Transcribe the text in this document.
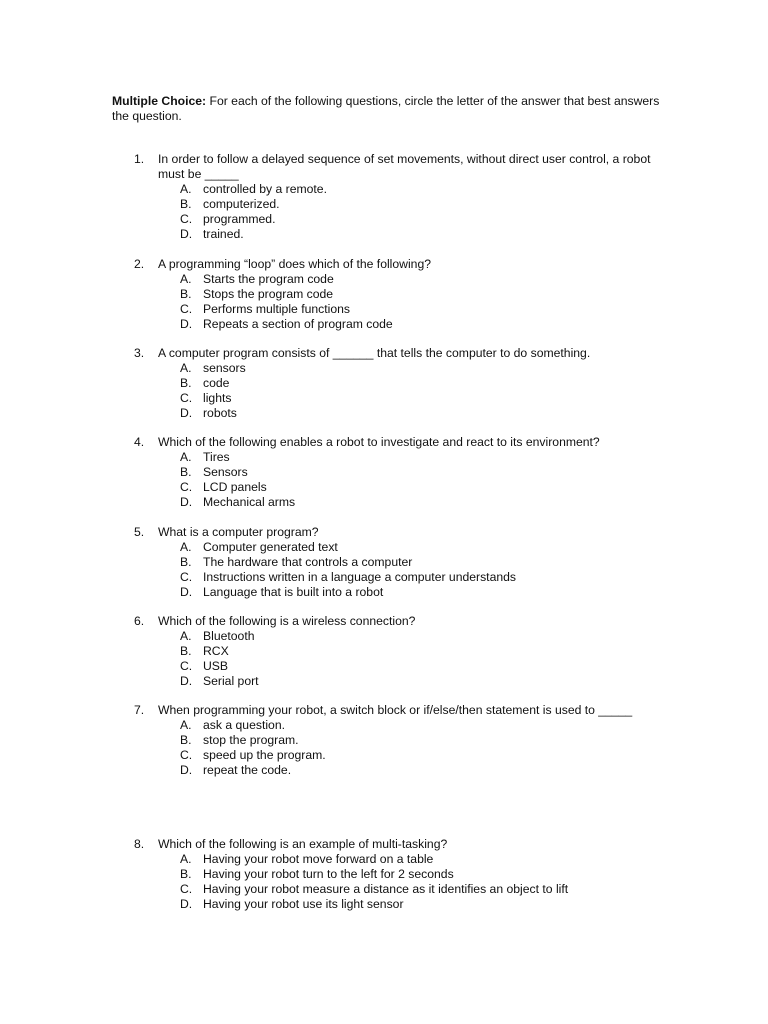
Multiple Choice: For each of the following questions, circle the letter of the answer that best answers the question.
1.	In order to follow a delayed sequence of set movements, without direct user control, a robot must be _____
A. controlled by a remote.
B. computerized.
C. programmed.
D. trained.
2.	A programming “loop” does which of the following?
A. Starts the program code
B. Stops the program code
C. Performs multiple functions
D. Repeats a section of program code
3.	A computer program consists of ______ that tells the computer to do something.
A. sensors
B. code
C. lights
D. robots
4.	Which of the following enables a robot to investigate and react to its environment?
A. Tires
B. Sensors
C. LCD panels
D. Mechanical arms
5.	What is a computer program?
A. Computer generated text
B. The hardware that controls a computer
C. Instructions written in a language a computer understands
D. Language that is built into a robot
6.	Which of the following is a wireless connection?
A. Bluetooth
B. RCX
C. USB
D. Serial port
7.	When programming your robot, a switch block or if/else/then statement is used to _____
A. ask a question.
B. stop the program.
C. speed up the program.
D. repeat the code.
8.	Which of the following is an example of multi-tasking?
A. Having your robot move forward on a table
B. Having your robot turn to the left for 2 seconds
C. Having your robot measure a distance as it identifies an object to lift
D. Having your robot use its light sensor
